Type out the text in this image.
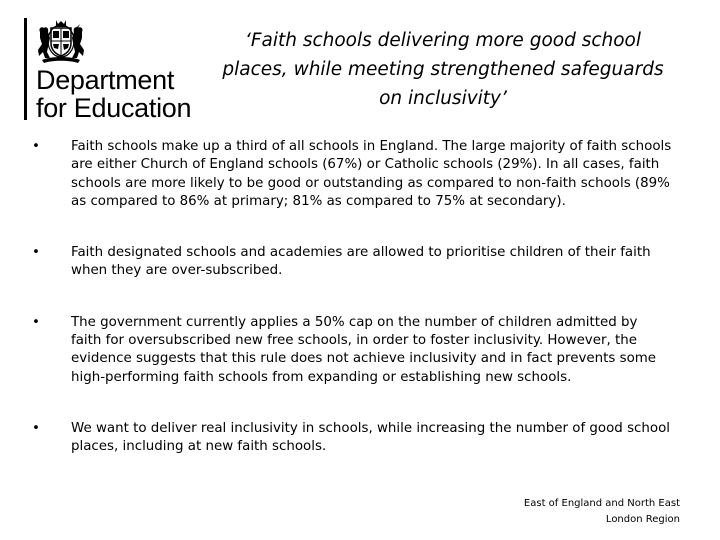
Department
for Education
‘Faith schools delivering more good school places, while meeting strengthened safeguards on inclusivity’
• Faith schools make up a third of all schools in England. The large majority of faith schools are either Church of England schools (67%) or Catholic schools (29%). In all cases, faith schools are more likely to be good or outstanding as compared to non-faith schools (89% as compared to 86% at primary; 81% as compared to 75% at secondary).
• Faith designated schools and academies are allowed to prioritise children of their faith when they are over-subscribed.
• The government currently applies a 50% cap on the number of children admitted by faith for oversubscribed new free schools, in order to foster inclusivity. However, the evidence suggests that this rule does not achieve inclusivity and in fact prevents some high-performing faith schools from expanding or establishing new schools.
• We want to deliver real inclusivity in schools, while increasing the number of good school places, including at new faith schools.
East of England and North East
London Region
